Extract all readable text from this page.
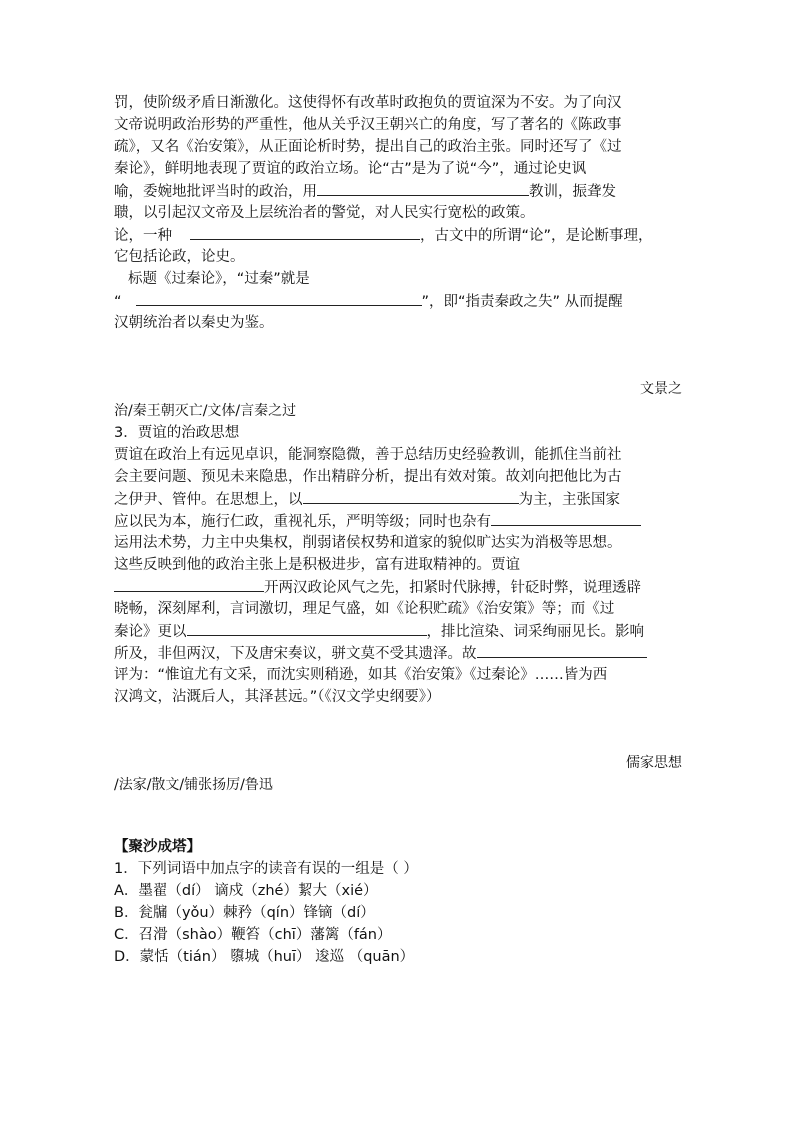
罚，使阶级矛盾日渐激化。这使得怀有改革时政抱负的贾谊深为不安。为了向汉
文帝说明政治形势的严重性，他从关乎汉王朝兴亡的角度，写了著名的《陈政事
疏》，又名《治安策》，从正面论析时势，提出自己的政治主张。同时还写了《过
秦论》，鲜明地表现了贾谊的政治立场。论“古”是为了说“今”，通过论史讽
喻，委婉地批评当时的政治，用	教训，振聋发
聩，以引起汉文帝及上层统治者的警觉，对人民实行宽松的政策。
论，一种	，古文中的所谓“论”，是论断事理，
它包括论政，论史。
标题《过秦论》，“过秦”就是
“	”，即“指责秦政之失” 从而提醒
汉朝统治者以秦史为鉴。
文景之
治/秦王朝灭亡/文体/言秦之过
3．贾谊的治政思想
贾谊在政治上有远见卓识，能洞察隐微，善于总结历史经验教训，能抓住当前社
会主要问题、预见未来隐患，作出精辟分析，提出有效对策。故刘向把他比为古
之伊尹、管仲。在思想上，以	为主，主张国家
应以民为本，施行仁政，重视礼乐，严明等级；同时也杂有
运用法术势，力主中央集权，削弱诸侯权势和道家的貌似旷达实为消极等思想。
这些反映到他的政治主张上是积极进步，富有进取精神的。贾谊
开两汉政论风气之先，扣紧时代脉搏，针砭时弊，说理透辟
晓畅，深刻犀利，言词激切，理足气盛，如《论积贮疏》《治安策》等；而《过
秦论》更以	，排比渲染、词采绚丽见长。影响
所及，非但两汉，下及唐宋奏议，骈文莫不受其遗泽。故
评为：“惟谊尤有文采，而沈实则稍逊，如其《治安策》《过秦论》……皆为西
汉鸿文，沾溉后人，其泽甚远。”（《汉文学史纲要》）
儒家思想
/法家/散文/铺张扬厉/鲁迅
【聚沙成塔】
1．下列词语中加点字的读音有误的一组是（ ）
A．墨翟（dí） 谪戍（zhé）絜大（xié）
B．瓮牖（yǒu）棘矜（qín）锋镝（dí）
C．召滑（shào）鞭笞（chī）藩篱（fán）
D．蒙恬（tián） 隳城（huī） 逡巡 （quān）
